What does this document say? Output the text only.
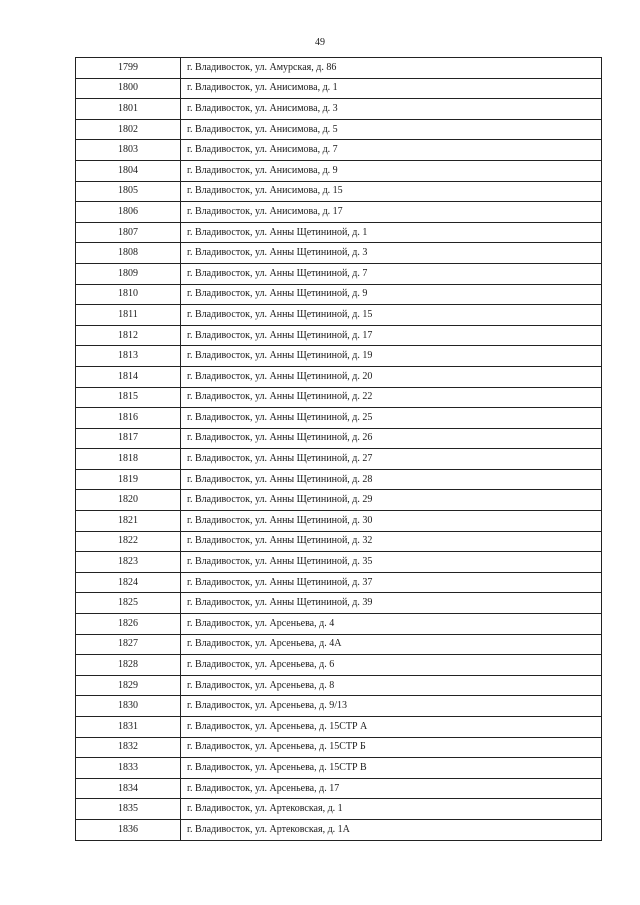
49
1799	г. Владивосток, ул. Амурская, д. 86
1800	г. Владивосток, ул. Анисимова, д. 1
1801	г. Владивосток, ул. Анисимова, д. 3
1802	г. Владивосток, ул. Анисимова, д. 5
1803	г. Владивосток, ул. Анисимова, д. 7
1804	г. Владивосток, ул. Анисимова, д. 9
1805	г. Владивосток, ул. Анисимова, д. 15
1806	г. Владивосток, ул. Анисимова, д. 17
1807	г. Владивосток, ул. Анны Щетининой, д. 1
1808	г. Владивосток, ул. Анны Щетининой, д. 3
1809	г. Владивосток, ул. Анны Щетининой, д. 7
1810	г. Владивосток, ул. Анны Щетининой, д. 9
1811	г. Владивосток, ул. Анны Щетининой, д. 15
1812	г. Владивосток, ул. Анны Щетининой, д. 17
1813	г. Владивосток, ул. Анны Щетининой, д. 19
1814	г. Владивосток, ул. Анны Щетининой, д. 20
1815	г. Владивосток, ул. Анны Щетининой, д. 22
1816	г. Владивосток, ул. Анны Щетининой, д. 25
1817	г. Владивосток, ул. Анны Щетининой, д. 26
1818	г. Владивосток, ул. Анны Щетининой, д. 27
1819	г. Владивосток, ул. Анны Щетининой, д. 28
1820	г. Владивосток, ул. Анны Щетининой, д. 29
1821	г. Владивосток, ул. Анны Щетининой, д. 30
1822	г. Владивосток, ул. Анны Щетининой, д. 32
1823	г. Владивосток, ул. Анны Щетининой, д. 35
1824	г. Владивосток, ул. Анны Щетининой, д. 37
1825	г. Владивосток, ул. Анны Щетининой, д. 39
1826	г. Владивосток, ул. Арсеньева, д. 4
1827	г. Владивосток, ул. Арсеньева, д. 4А
1828	г. Владивосток, ул. Арсеньева, д. 6
1829	г. Владивосток, ул. Арсеньева, д. 8
1830	г. Владивосток, ул. Арсеньева, д. 9/13
1831	г. Владивосток, ул. Арсеньева, д. 15СТР А
1832	г. Владивосток, ул. Арсеньева, д. 15СТР Б
1833	г. Владивосток, ул. Арсеньева, д. 15СТР В
1834	г. Владивосток, ул. Арсеньева, д. 17
1835	г. Владивосток, ул. Артековская, д. 1
1836	г. Владивосток, ул. Артековская, д. 1А
